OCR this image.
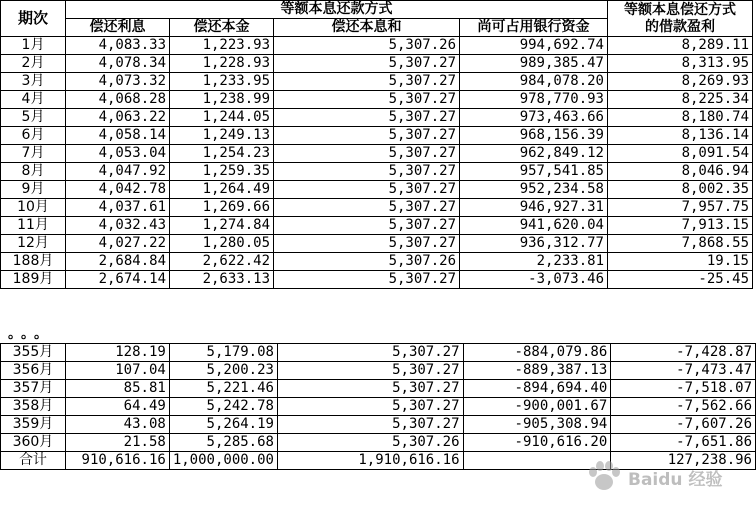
期次	等额本息还款方式				等额本息偿还方式
的借款盈利

	偿还利息	偿还本金	偿还本息和	尚可占用银行资金	
1月	4,083.33	1,223.93	5,307.26	994,692.74	8,289.11
2月	4,078.34	1,228.93	5,307.27	989,385.47	8,313.95
3月	4,073.32	1,233.95	5,307.27	984,078.20	8,269.93
4月	4,068.28	1,238.99	5,307.27	978,770.93	8,225.34
5月	4,063.22	1,244.05	5,307.27	973,463.66	8,180.74
6月	4,058.14	1,249.13	5,307.27	968,156.39	8,136.14
7月	4,053.04	1,254.23	5,307.27	962,849.12	8,091.54
8月	4,047.92	1,259.35	5,307.27	957,541.85	8,046.94
9月	4,042.78	1,264.49	5,307.27	952,234.58	8,002.35
10月	4,037.61	1,269.66	5,307.27	946,927.31	7,957.75
11月	4,032.43	1,274.84	5,307.27	941,620.04	7,913.15
12月	4,027.22	1,280.05	5,307.27	936,312.77	7,868.55
188月	2,684.84	2,622.42	5,307.26	2,233.81	19.15
189月	2,674.14	2,633.13	5,307.27	-3,073.46	-25.45
。。。
355月	128.19	5,179.08	5,307.27	-884,079.86	-7,428.87
356月	107.04	5,200.23	5,307.27	-889,387.13	-7,473.47
357月	85.81	5,221.46	5,307.27	-894,694.40	-7,518.07
358月	64.49	5,242.78	5,307.27	-900,001.67	-7,562.66
359月	43.08	5,264.19	5,307.27	-905,308.94	-7,607.26
360月	21.58	5,285.68	5,307.26	-910,616.20	-7,651.86
合计	910,616.16	1,000,000.00	1,910,616.16		127,238.96
Baidu 经验
